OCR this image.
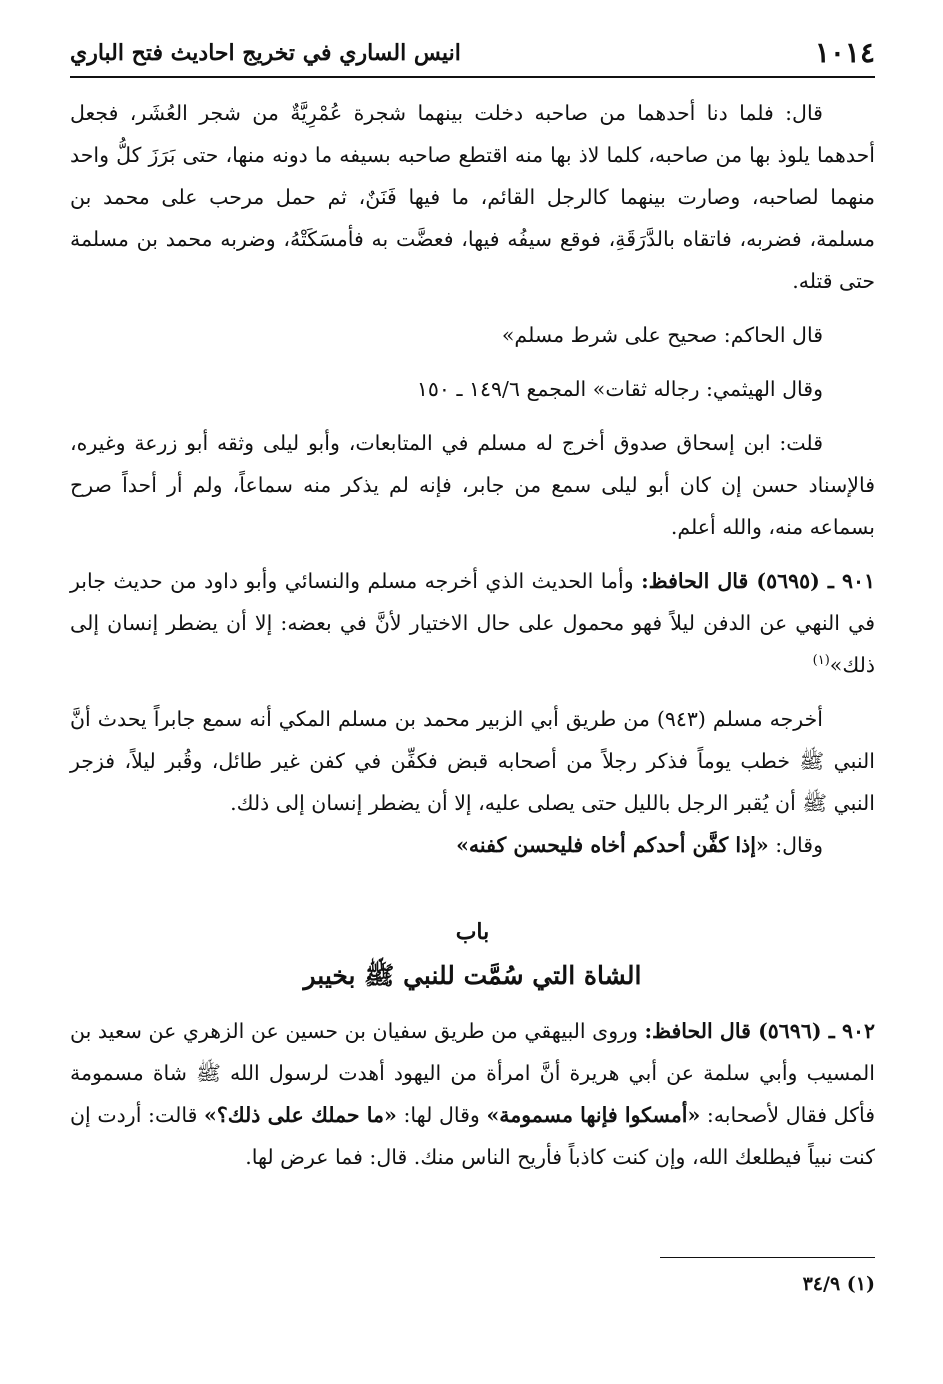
١٠١٤
انيس الساري في تخريج احاديث فتح الباري

قال: فلما دنا أحدهما من صاحبه دخلت بينهما شجرة عُمْرِيَّةٌ من شجر العُشَر، فجعل أحدهما يلوذ بها من صاحبه، كلما لاذ بها منه اقتطع صاحبه بسيفه ما دونه منها، حتى بَرَزَ كلُّ واحد منهما لصاحبه، وصارت بينهما كالرجل القائم، ما فيها فَنَنٌ، ثم حمل مرحب على محمد بن مسلمة، فضربه، فاتقاه بالدَّرَقَةِ، فوقع سيفُه فيها، فعضَّت به فأمسَكَتْهُ، وضربه محمد بن مسلمة حتى قتله.

قال الحاكم: صحيح على شرط مسلم»

وقال الهيثمي: رجاله ثقات» المجمع ١٤٩/٦ ـ ١٥٠

قلت: ابن إسحاق صدوق أخرج له مسلم في المتابعات، وأبو ليلى وثقه أبو زرعة وغيره، فالإسناد حسن إن كان أبو ليلى سمع من جابر، فإنه لم يذكر منه سماعاً، ولم أر أحداً صرح بسماعه منه، والله أعلم.

٩٠١ ـ (٥٦٩٥) قال الحافظ: وأما الحديث الذي أخرجه مسلم والنسائي وأبو داود من حديث جابر في النهي عن الدفن ليلاً فهو محمول على حال الاختيار لأنَّ في بعضه: إلا أن يضطر إنسان إلى ذلك»$^{(١)}$

أخرجه مسلم (٩٤٣) من طريق أبي الزبير محمد بن مسلم المكي أنه سمع جابراً يحدث أنَّ النبي ﷺ خطب يوماً فذكر رجلاً من أصحابه قبض فكفِّن في كفن غير طائل، وقُبر ليلاً، فزجر النبي ﷺ أن يُقبر الرجل بالليل حتى يصلى عليه، إلا أن يضطر إنسان إلى ذلك.

وقال: «إذا كفَّن أحدكم أخاه فليحسن كفنه»

باب
الشاة التي سُمَّت للنبي ﷺ بخيبر

٩٠٢ ـ (٥٦٩٦) قال الحافظ: وروى البيهقي من طريق سفيان بن حسين عن الزهري عن سعيد بن المسيب وأبي سلمة عن أبي هريرة أنَّ امرأة من اليهود أهدت لرسول الله ﷺ شاة مسمومة فأكل فقال لأصحابه: «أمسكوا فإنها مسمومة» وقال لها: «ما حملك على ذلك؟» قالت: أردت إن كنت نبياً فيطلعك الله، وإن كنت كاذباً فأريح الناس منك. قال: فما عرض لها.

(١) ٣٤/٩
